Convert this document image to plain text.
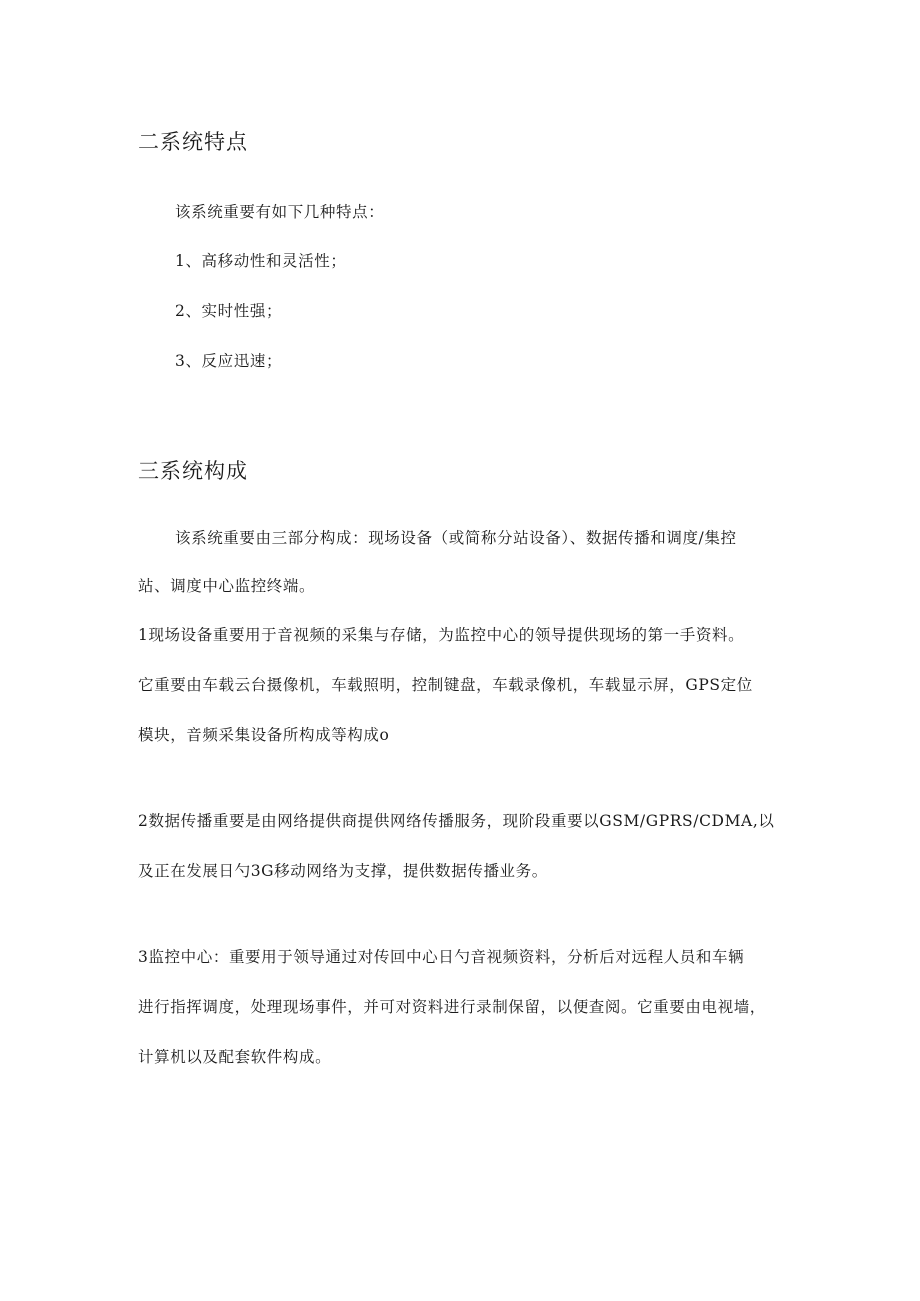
二系统特点
该系统重要有如下几种特点：
1、高移动性和灵活性；
2、实时性强；
3、反应迅速；
三系统构成
该系统重要由三部分构成：现场设备（或简称分站设备）、数据传播和调度/集控
站、调度中心监控终端。
1现场设备重要用于音视频的采集与存储，为监控中心的领导提供现场的第一手资料。
它重要由车载云台摄像机，车载照明，控制键盘，车载录像机，车载显示屏，GPS定位
模块，音频采集设备所构成等构成o
2数据传播重要是由网络提供商提供网络传播服务，现阶段重要以GSM/GPRS/CDMA,以
及正在发展日勺3G移动网络为支撑，提供数据传播业务。
3监控中心：重要用于领导通过对传回中心日勺音视频资料，分析后对远程人员和车辆
进行指挥调度，处理现场事件，并可对资料进行录制保留，以便查阅。它重要由电视墙，
计算机以及配套软件构成。
